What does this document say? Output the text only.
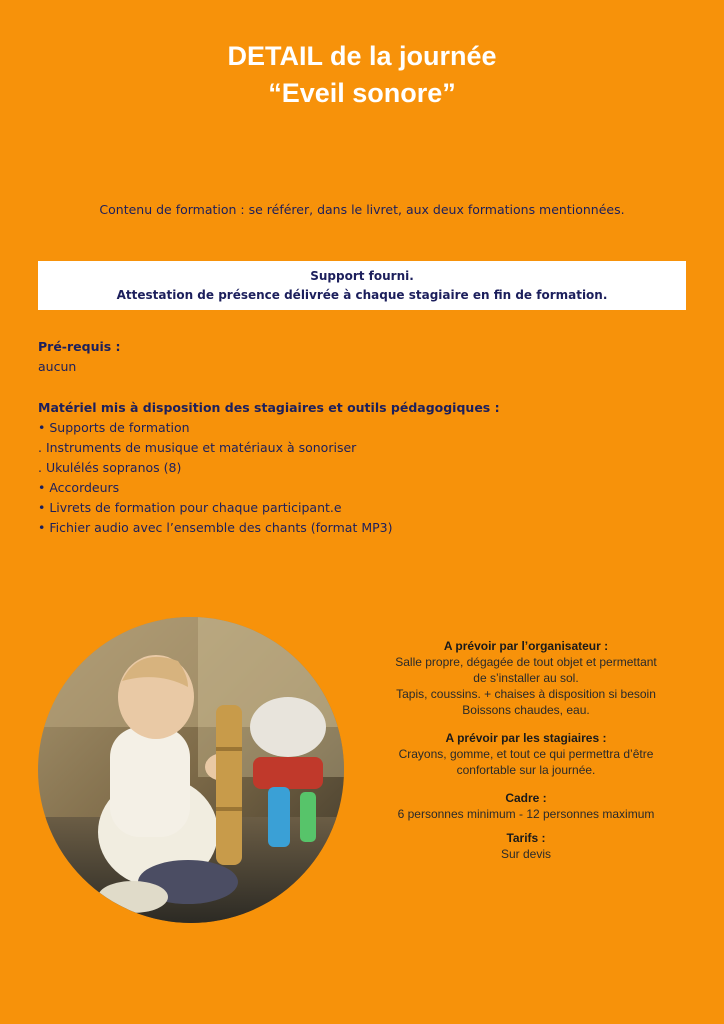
DETAIL de la journée
“Eveil sonore”
Contenu de formation : se référer, dans le livret, aux deux formations mentionnées.
Support fourni.
Attestation de présence délivrée à chaque stagiaire en fin de formation.
Pré-requis :
aucun
Matériel mis à disposition des stagiaires et outils pédagogiques :
• Supports de formation
. Instruments de musique et matériaux à sonoriser
. Ukulélés sopranos (8)
• Accordeurs
• Livrets de formation pour chaque participant.e
• Fichier audio avec l’ensemble des chants (format MP3)
A prévoir par l’organisateur :
Salle propre, dégagée de tout objet et permettant
de s’installer au sol.
Tapis, coussins. + chaises à disposition si besoin
Boissons chaudes, eau.
A prévoir par les stagiaires :
Crayons, gomme, et tout ce qui permettra d’être
confortable sur la journée.
Cadre :
6 personnes minimum - 12 personnes maximum
Tarifs :
Sur devis
